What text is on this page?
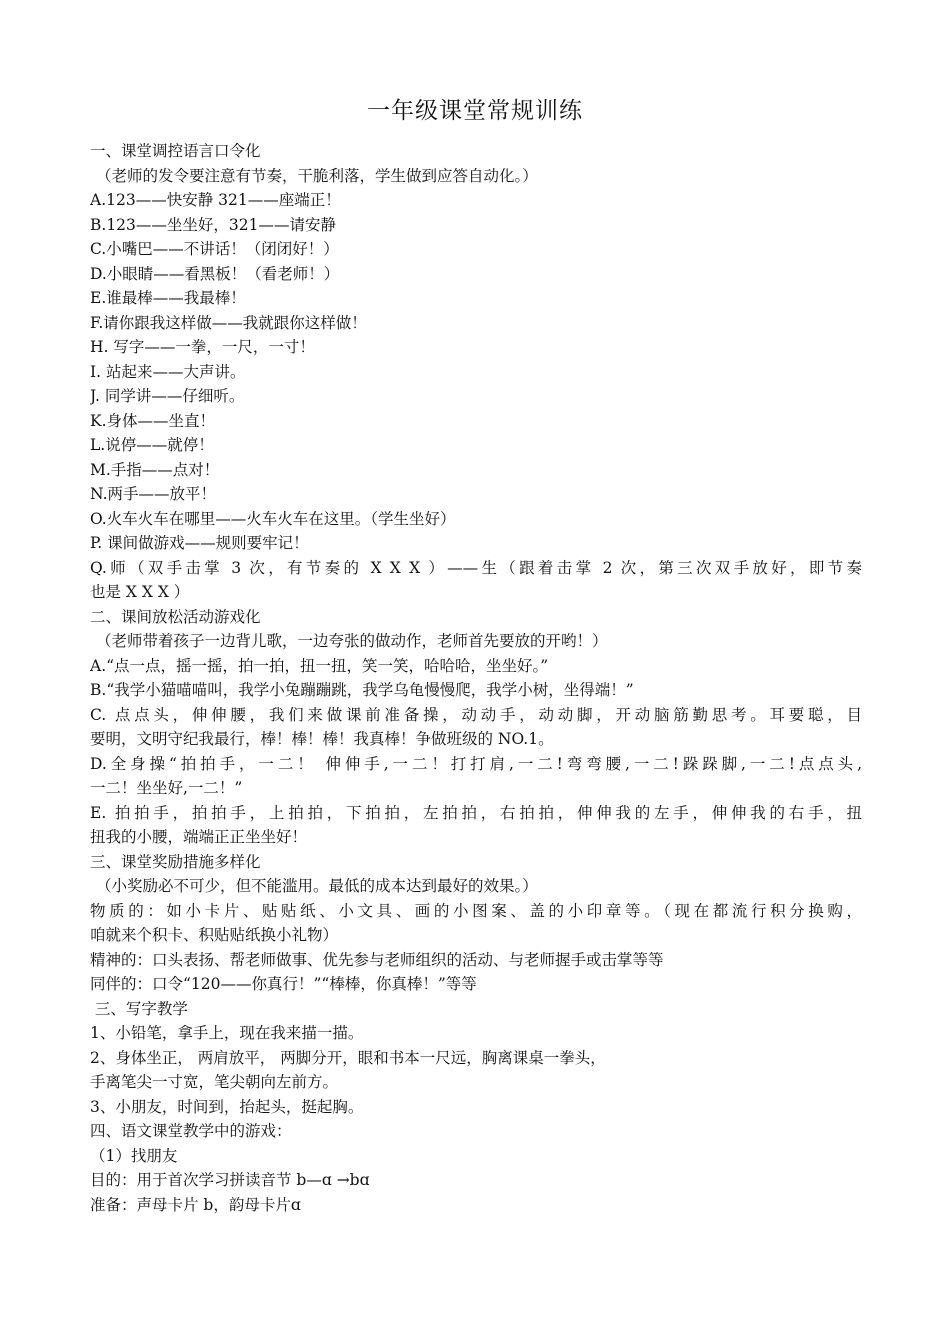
一年级课堂常规训练
一、课堂调控语言口令化
（老师的发令要注意有节奏，干脆利落，学生做到应答自动化。）
A.123——快安静 321——座端正！
B.123——坐坐好，321——请安静
C.小嘴巴——不讲话！（闭闭好！）
D.小眼睛——看黑板！（看老师！）
E.谁最棒——我最棒！
F.请你跟我这样做——我就跟你这样做！
H. 写字——一拳，一尺，一寸！
I. 站起来——大声讲。
J. 同学讲——仔细听。
K.身体——坐直！
L.说停——就停！
M.手指——点对！
N.两手——放平！
O.火车火车在哪里——火车火车在这里。（学生坐好）
P. 课间做游戏——规则要牢记！
Q.师（双手击掌 3 次，有节奏的 X X X ）——生（跟着击掌 2 次，第三次双手放好，即节奏
也是 X X X ）
二、课间放松活动游戏化
（老师带着孩子一边背儿歌，一边夸张的做动作，老师首先要放的开哟！）
A.“点一点，摇一摇，拍一拍，扭一扭，笑一笑，哈哈哈，坐坐好。”
B.“我学小猫喵喵叫，我学小兔蹦蹦跳，我学乌龟慢慢爬，我学小树，坐得端！”
C. 点点头，伸伸腰，我们来做课前准备操，动动手，动动脚，开动脑筋勤思考。耳要聪，目
要明，文明守纪我最行，棒！棒！棒！我真棒！争做班级的 NO.1。
D.全身操“拍拍手，一二！ 伸伸手,一二！打打肩,一二!弯弯腰,一二!跺跺脚,一二!点点头,
一二！坐坐好,一二！”
E. 拍拍手，拍拍手，上拍拍，下拍拍，左拍拍，右拍拍，伸伸我的左手，伸伸我的右手，扭
扭我的小腰，端端正正坐坐好！
三、课堂奖励措施多样化
（小奖励必不可少，但不能滥用。最低的成本达到最好的效果。）
物质的：如小卡片、贴贴纸、小文具、画的小图案、盖的小印章等。（现在都流行积分换购，
咱就来个积卡、积贴贴纸换小礼物）
精神的：口头表扬、帮老师做事、优先参与老师组织的活动、与老师握手或击掌等等
同伴的：口令“120——你真行！”“棒棒，你真棒！”等等
三、写字教学
1、小铅笔，拿手上，现在我来描一描。
2、身体坐正， 两肩放平， 两脚分开，眼和书本一尺远，胸离课桌一拳头，
手离笔尖一寸宽，笔尖朝向左前方。
3、小朋友，时间到，抬起头，挺起胸。
四、语文课堂教学中的游戏：
（1）找朋友
目的：用于首次学习拼读音节 b—ɑ →bɑ
准备：声母卡片 b，韵母卡片ɑ
